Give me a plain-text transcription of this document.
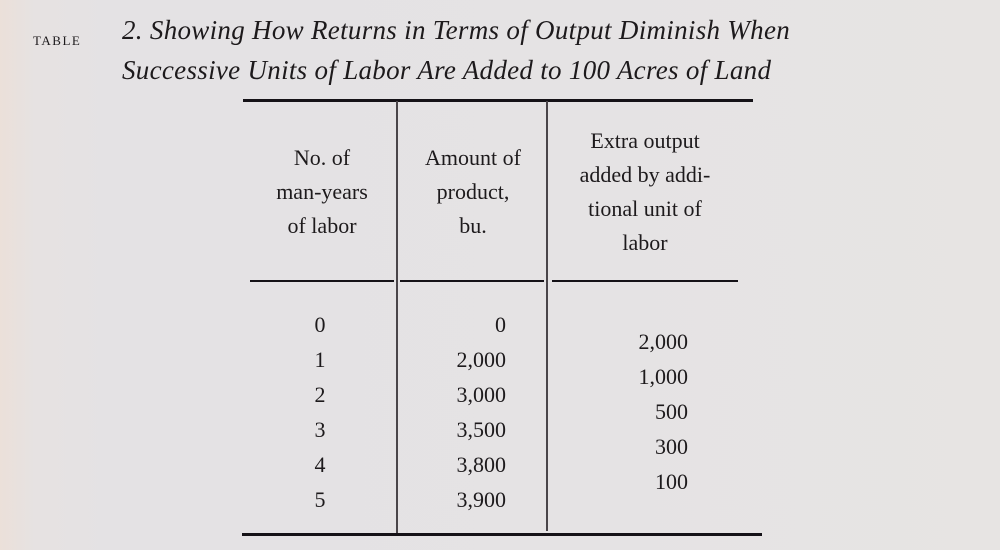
table 2. Showing How Returns in Terms of Output Diminish When
Successive Units of Labor Are Added to 100 Acres of Land
No. of
man-years
of labor
Amount of
product,
bu.
Extra output
added by addi-
tional unit of
labor
0
1
2
3
4
5
0
2,000
3,000
3,500
3,800
3,900
2,000
1,000
500
300
100
